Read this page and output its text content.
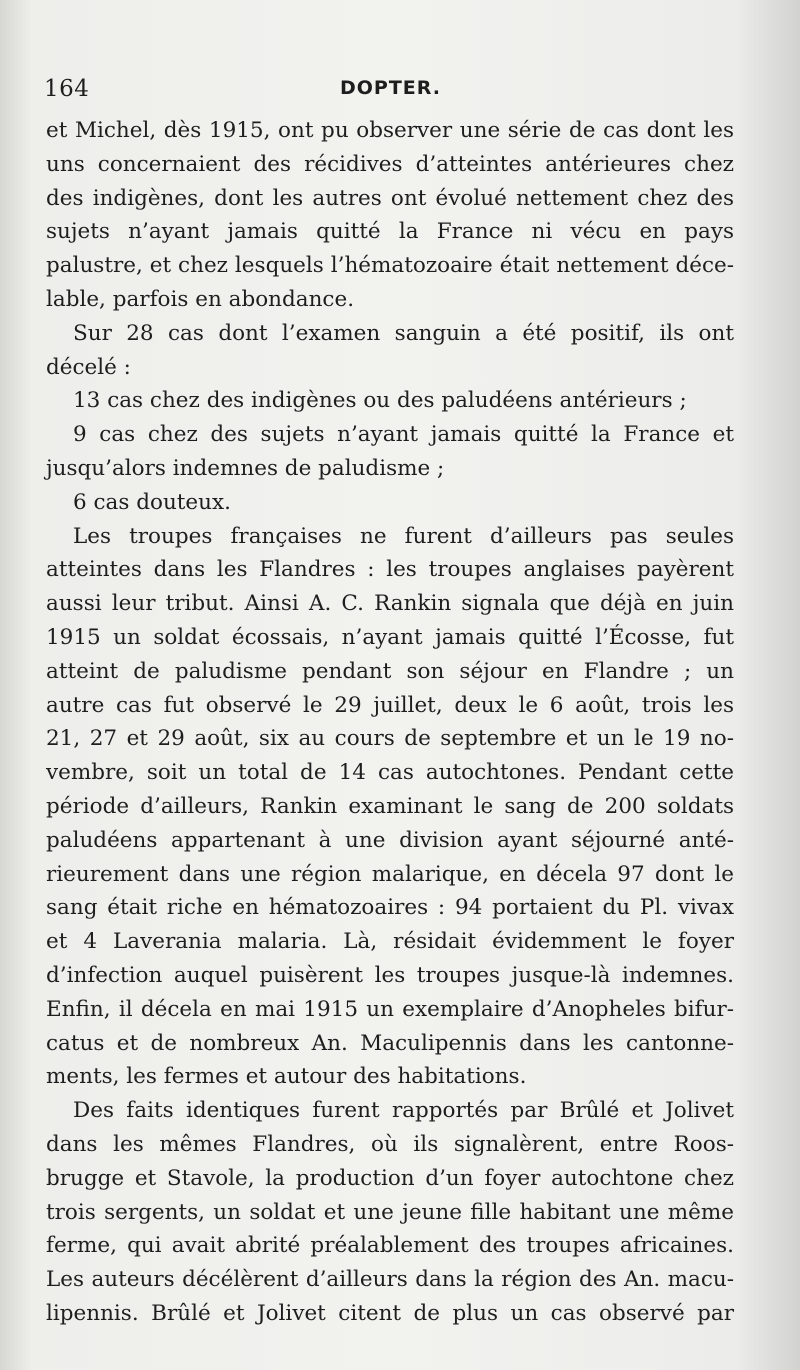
164	DOPTER.
et Michel, dès 1915, ont pu observer une série de cas dont les
uns concernaient des récidives d’atteintes antérieures chez
des indigènes, dont les autres ont évolué nettement chez des
sujets n’ayant jamais quitté la France ni vécu en pays
palustre, et chez lesquels l’hématozoaire était nettement déce-
lable, parfois en abondance.
Sur 28 cas dont l’examen sanguin a été positif, ils ont
décelé :
13 cas chez des indigènes ou des paludéens antérieurs ;
9 cas chez des sujets n’ayant jamais quitté la France et
jusqu’alors indemnes de paludisme ;
6 cas douteux.
Les troupes françaises ne furent d’ailleurs pas seules
atteintes dans les Flandres : les troupes anglaises payèrent
aussi leur tribut. Ainsi A. C. Rankin signala que déjà en juin
1915 un soldat écossais, n’ayant jamais quitté l’Écosse, fut
atteint de paludisme pendant son séjour en Flandre ; un
autre cas fut observé le 29 juillet, deux le 6 août, trois les
21, 27 et 29 août, six au cours de septembre et un le 19 no-
vembre, soit un total de 14 cas autochtones. Pendant cette
période d’ailleurs, Rankin examinant le sang de 200 soldats
paludéens appartenant à une division ayant séjourné anté-
rieurement dans une région malarique, en décela 97 dont le
sang était riche en hématozoaires : 94 portaient du Pl. vivax
et 4 Laverania malaria. Là, résidait évidemment le foyer
d’infection auquel puisèrent les troupes jusque-là indemnes.
Enfin, il décela en mai 1915 un exemplaire d’Anopheles bifur-
catus et de nombreux An. Maculipennis dans les cantonne-
ments, les fermes et autour des habitations.
Des faits identiques furent rapportés par Brûlé et Jolivet
dans les mêmes Flandres, où ils signalèrent, entre Roos-
brugge et Stavole, la production d’un foyer autochtone chez
trois sergents, un soldat et une jeune fille habitant une même
ferme, qui avait abrité préalablement des troupes africaines.
Les auteurs décélèrent d’ailleurs dans la région des An. macu-
lipennis. Brûlé et Jolivet citent de plus un cas observé par
